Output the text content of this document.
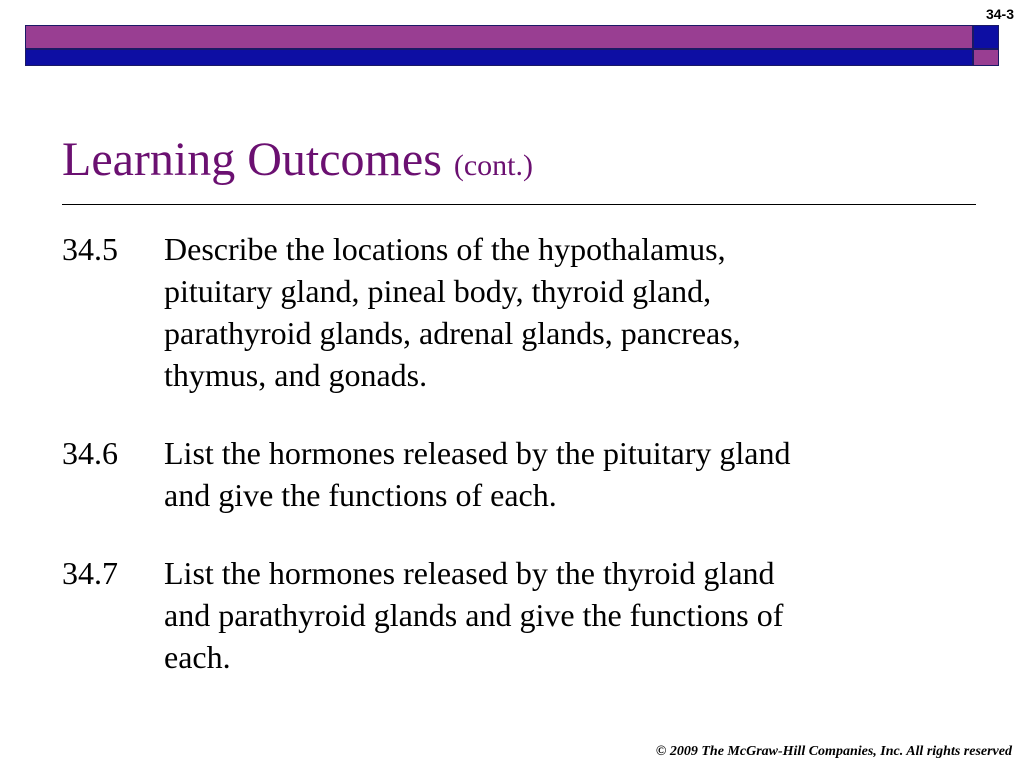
34-3
Learning Outcomes (cont.)
34.5	Describe the locations of the hypothalamus,
pituitary gland, pineal body, thyroid gland,
parathyroid glands, adrenal glands, pancreas,
thymus, and gonads.
34.6	List the hormones released by the pituitary gland
and give the functions of each.
34.7	List the hormones released by the thyroid gland
and parathyroid glands and give the functions of
each.
© 2009 The McGraw-Hill Companies, Inc. All rights reserved
